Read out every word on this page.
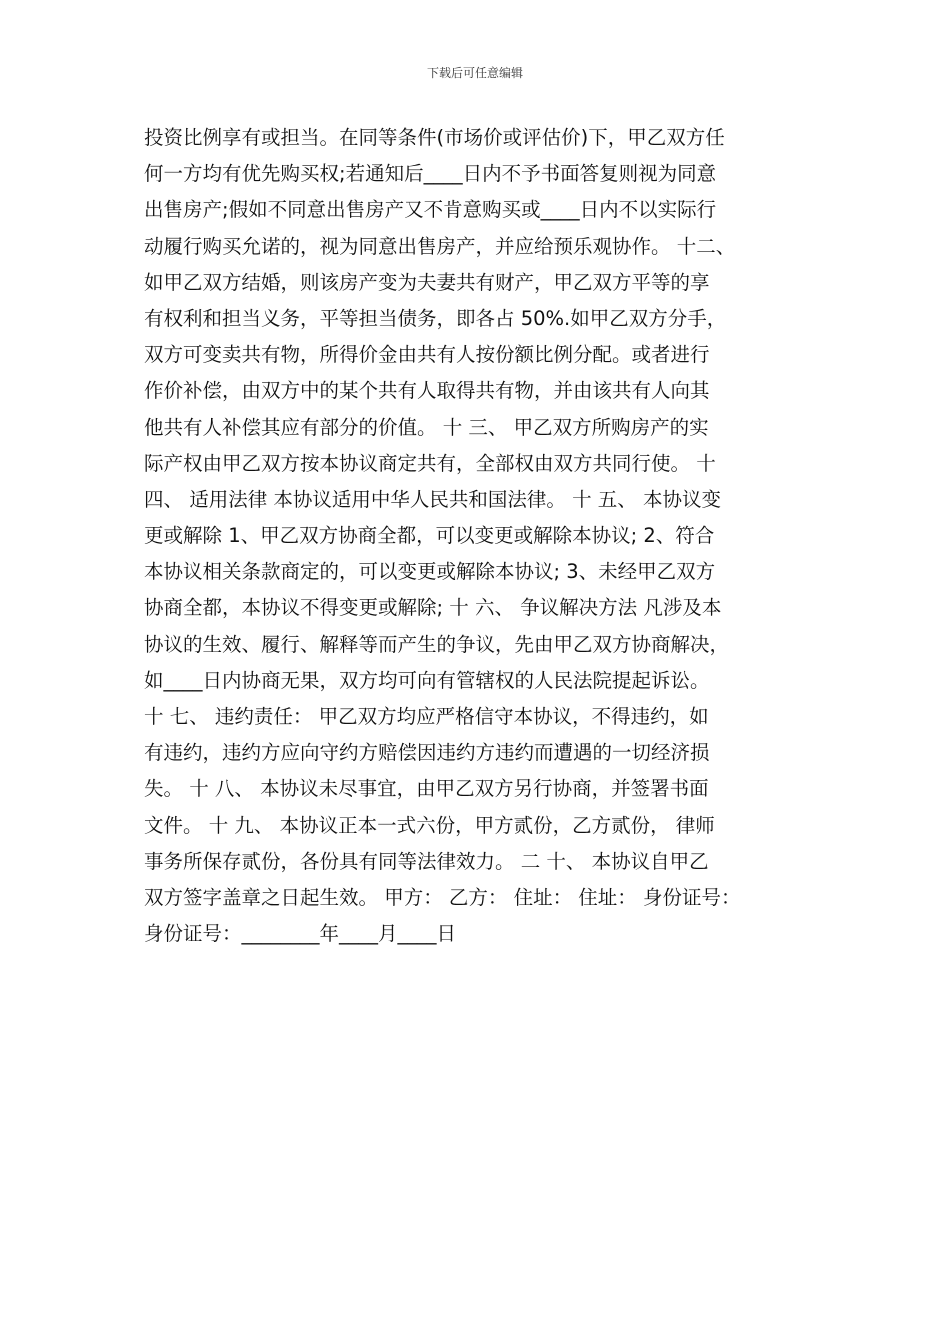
下载后可任意编辑
投资比例享有或担当。在同等条件(市场价或评估价)下，甲乙双方任
何一方均有优先购买权;若通知后____日内不予书面答复则视为同意
出售房产;假如不同意出售房产又不肯意购买或____日内不以实际行
动履行购买允诺的，视为同意出售房产，并应给预乐观协作。 十二、
如甲乙双方结婚，则该房产变为夫妻共有财产，甲乙双方平等的享
有权利和担当义务，平等担当债务，即各占 50%.如甲乙双方分手，
双方可变卖共有物，所得价金由共有人按份额比例分配。或者进行
作价补偿，由双方中的某个共有人取得共有物，并由该共有人向其
他共有人补偿其应有部分的价值。 十 三、 甲乙双方所购房产的实
际产权由甲乙双方按本协议商定共有，全部权由双方共同行使。 十
四、 适用法律 本协议适用中华人民共和国法律。 十 五、 本协议变
更或解除 1、甲乙双方协商全都，可以变更或解除本协议; 2、符合
本协议相关条款商定的，可以变更或解除本协议; 3、未经甲乙双方
协商全都，本协议不得变更或解除; 十 六、 争议解决方法 凡涉及本
协议的生效、履行、解释等而产生的争议，先由甲乙双方协商解决，
如____日内协商无果，双方均可向有管辖权的人民法院提起诉讼。
十 七、 违约责任： 甲乙双方均应严格信守本协议，不得违约，如
有违约，违约方应向守约方赔偿因违约方违约而遭遇的一切经济损
失。 十 八、 本协议未尽事宜，由甲乙双方另行协商，并签署书面
文件。 十 九、 本协议正本一式六份，甲方贰份，乙方贰份， 律师
事务所保存贰份，各份具有同等法律效力。 二 十、 本协议自甲乙
双方签字盖章之日起生效。 甲方： 乙方： 住址： 住址： 身份证号：
身份证号：________年____月____日
